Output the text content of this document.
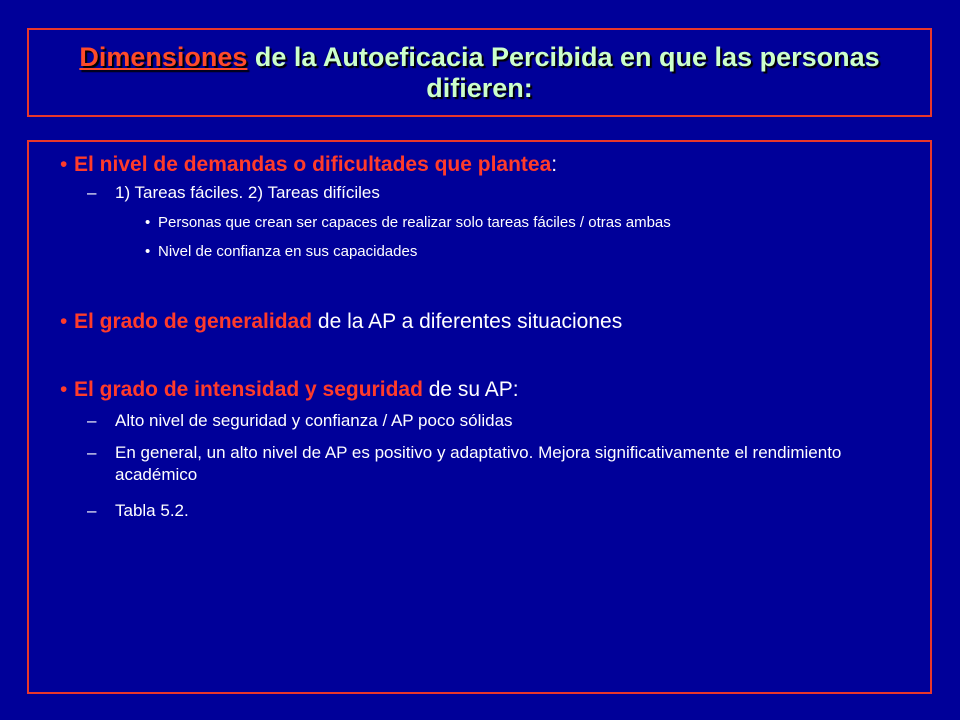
Dimensiones de la Autoeficacia Percibida en que las personas difieren:
• El nivel de demandas o dificultades que plantea:
– 1) Tareas fáciles. 2) Tareas difíciles
• Personas que crean ser capaces de realizar solo tareas fáciles / otras ambas
• Nivel de confianza en sus capacidades
• El grado de generalidad de la AP a diferentes situaciones
• El grado de intensidad y seguridad de su AP:
– Alto nivel de seguridad y confianza / AP poco sólidas
– En general, un alto nivel de AP es positivo y adaptativo. Mejora significativamente el rendimiento académico
– Tabla 5.2.
